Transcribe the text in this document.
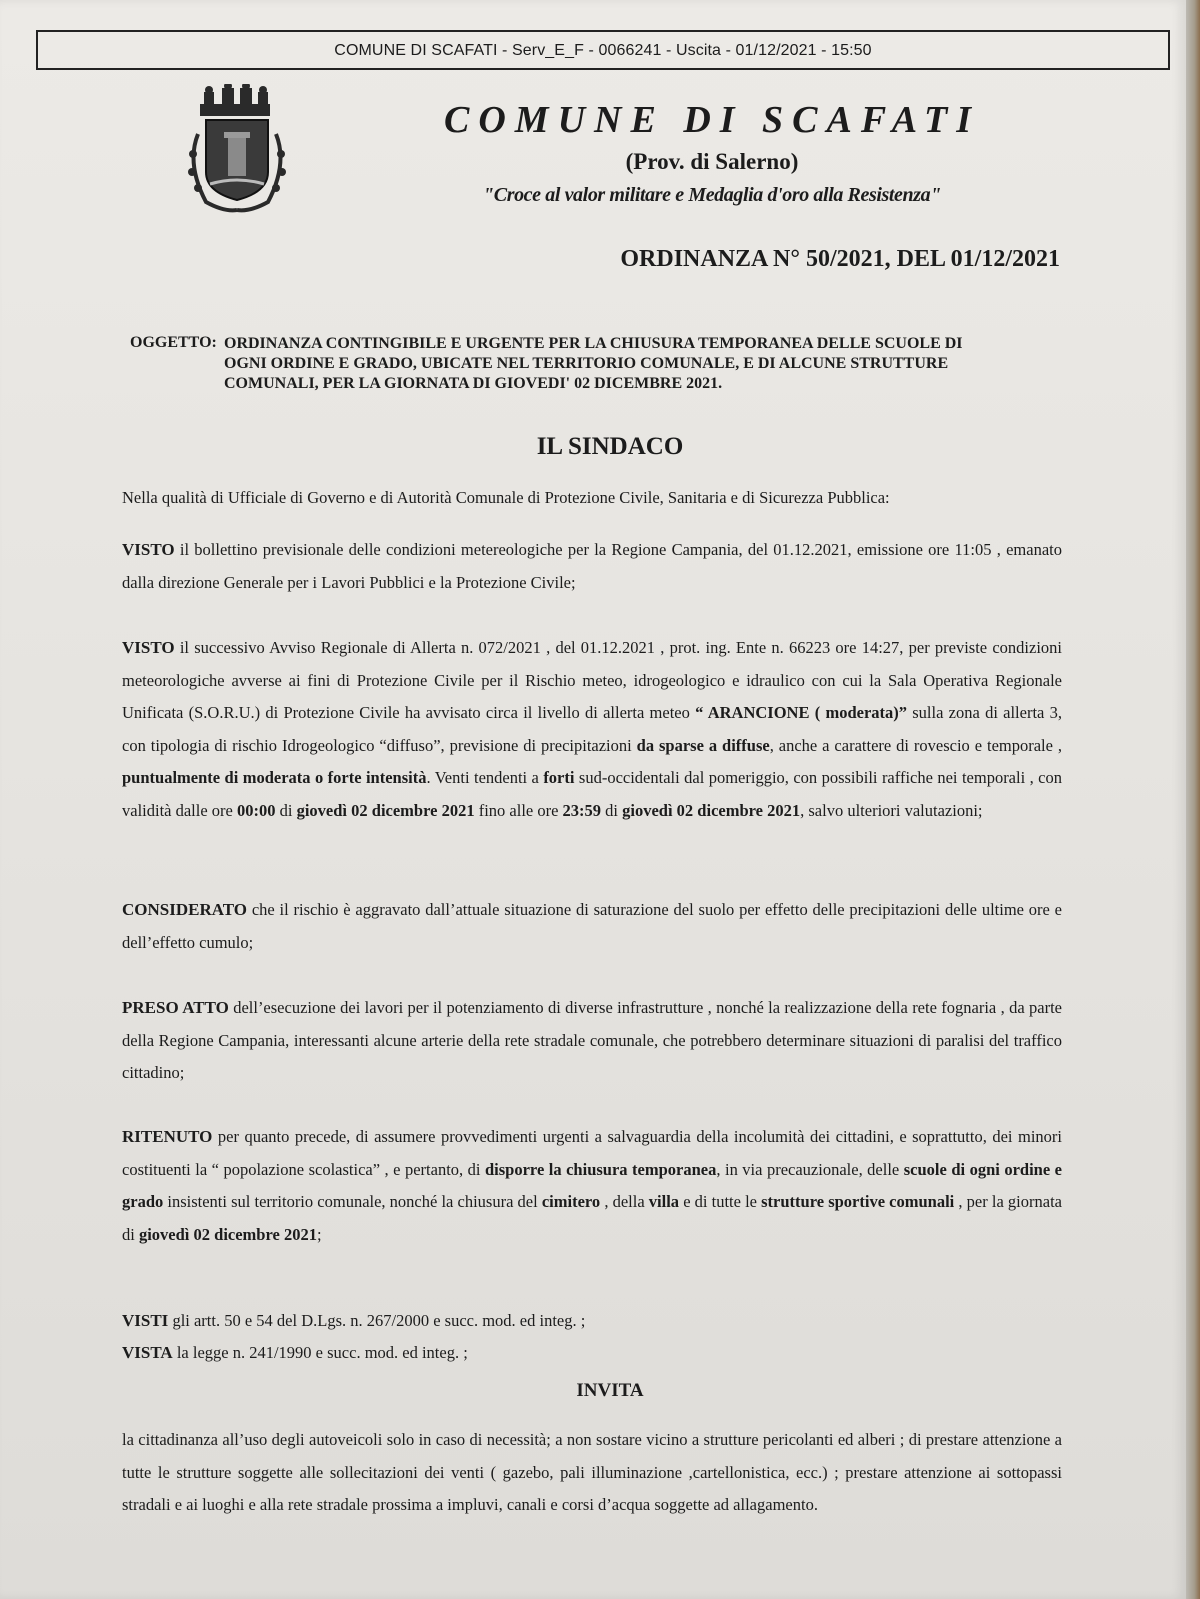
COMUNE DI SCAFATI - Serv_E_F - 0066241 - Uscita - 01/12/2021 - 15:50
COMUNE DI SCAFATI
(Prov. di Salerno)
"Croce al valor militare e Medaglia d'oro alla Resistenza"
ORDINANZA N° 50/2021, DEL 01/12/2021
OGGETTO: ORDINANZA CONTINGIBILE E URGENTE PER LA CHIUSURA TEMPORANEA DELLE SCUOLE DI
OGNI ORDINE E GRADO, UBICATE NEL TERRITORIO COMUNALE, E DI ALCUNE STRUTTURE
COMUNALI, PER LA GIORNATA DI GIOVEDI' 02 DICEMBRE 2021.
IL SINDACO
Nella qualità di Ufficiale di Governo e di Autorità Comunale di Protezione Civile, Sanitaria e di Sicurezza Pubblica:
VISTO il bollettino previsionale delle condizioni metereologiche per la Regione Campania, del 01.12.2021, emissione ore 11:05 , emanato dalla direzione Generale per i Lavori Pubblici e la Protezione Civile;
VISTO il successivo Avviso Regionale di Allerta n. 072/2021 , del 01.12.2021 , prot. ing. Ente n. 66223 ore 14:27, per previste condizioni meteorologiche avverse ai fini di Protezione Civile per il Rischio meteo, idrogeologico e idraulico con cui la Sala Operativa Regionale Unificata (S.O.R.U.) di Protezione Civile ha avvisato circa il livello di allerta meteo “ ARANCIONE ( moderata)” sulla zona di allerta 3, con tipologia di rischio Idrogeologico “diffuso”, previsione di precipitazioni da sparse a diffuse, anche a carattere di rovescio e temporale , puntualmente di moderata o forte intensità. Venti tendenti a forti sud-occidentali dal pomeriggio, con possibili raffiche nei temporali , con validità dalle ore 00:00 di giovedì 02 dicembre 2021 fino alle ore 23:59 di giovedì 02 dicembre 2021, salvo ulteriori valutazioni;
CONSIDERATO che il rischio è aggravato dall’attuale situazione di saturazione del suolo per effetto delle precipitazioni delle ultime ore e dell’effetto cumulo;
PRESO ATTO dell’esecuzione dei lavori per il potenziamento di diverse infrastrutture , nonché la realizzazione della rete fognaria , da parte della Regione Campania, interessanti alcune arterie della rete stradale comunale, che potrebbero determinare situazioni di paralisi del traffico cittadino;
RITENUTO per quanto precede, di assumere provvedimenti urgenti a salvaguardia della incolumità dei cittadini, e soprattutto, dei minori costituenti la “ popolazione scolastica” , e pertanto, di disporre la chiusura temporanea, in via precauzionale, delle scuole di ogni ordine e grado insistenti sul territorio comunale, nonché la chiusura del cimitero , della villa e di tutte le strutture sportive comunali , per la giornata di giovedì 02 dicembre 2021;
VISTI gli artt. 50 e 54 del D.Lgs. n. 267/2000 e succ. mod. ed integ. ;
VISTA la legge n. 241/1990 e succ. mod. ed integ. ;
INVITA
la cittadinanza all’uso degli autoveicoli solo in caso di necessità; a non sostare vicino a strutture pericolanti ed alberi ; di prestare attenzione a tutte le strutture soggette alle sollecitazioni dei venti ( gazebo, pali illuminazione ,cartellonistica, ecc.) ; prestare attenzione ai sottopassi stradali e ai luoghi e alla rete stradale prossima a impluvi, canali e corsi d’acqua soggette ad allagamento.
